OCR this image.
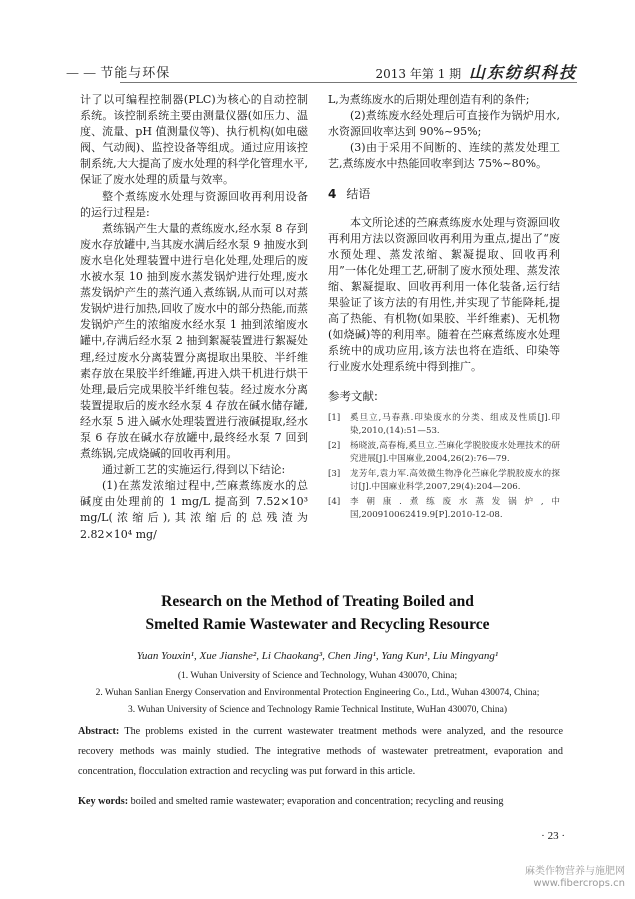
— — 节能与环保	2013 年第 1 期 山东纺织科技

计了以可编程控制器(PLC)为核心的自动控制系统。该控制系统主要由测量仪器(如压力、温度、流量、pH 值测量仪等)、执行机构(如电磁阀、气动阀)、监控设备等组成。通过应用该控制系统,大大提高了废水处理的科学化管理水平,保证了废水处理的质量与效率。

整个煮练废水处理与资源回收再利用设备的运行过程是:

煮练锅产生大量的煮练废水,经水泵 8 存到废水存放罐中,当其废水满后经水泵 9 抽废水到废水皂化处理装置中进行皂化处理,处理后的废水被水泵 10 抽到废水蒸发锅炉进行处理,废水蒸发锅炉产生的蒸汽通入煮练锅,从而可以对蒸发锅炉进行加热,回收了废水中的部分热能,而蒸发锅炉产生的浓缩废水经水泵 1 抽到浓缩废水罐中,存满后经水泵 2 抽到絮凝装置进行絮凝处理,经过废水分离装置分离提取出果胶、半纤维素存放在果胶半纤维罐,再进入烘干机进行烘干处理,最后完成果胶半纤维包装。经过废水分离装置提取后的废水经水泵 4 存放在碱水储存罐,经水泵 5 进入碱水处理装置进行液碱提取,经水泵 6 存放在碱水存放罐中,最终经水泵 7 回到煮练锅,完成烧碱的回收再利用。

通过新工艺的实施运行,得到以下结论:

(1)在蒸发浓缩过程中,苎麻煮练废水的总碱度由处理前的 1 mg/L 提高到 7.52×10³ mg/L(浓缩后),其浓缩后的总残渣为 2.82×10⁴ mg/

L,为煮练废水的后期处理创造有利的条件;

(2)煮练废水经处理后可直接作为锅炉用水,水资源回收率达到 90%~95%;

(3)由于采用不间断的、连续的蒸发处理工艺,煮练废水中热能回收率到达 75%~80%。

4 结语

本文所论述的苎麻煮练废水处理与资源回收再利用方法以资源回收再利用为重点,提出了“废水预处理、蒸发浓缩、絮凝提取、回收再利用”一体化处理工艺,研制了废水预处理、蒸发浓缩、絮凝提取、回收再利用一体化装备,运行结果验证了该方法的有用性,并实现了节能降耗,提高了热能、有机物(如果胶、半纤维素)、无机物(如烧碱)等的利用率。随着在苎麻煮练废水处理系统中的成功应用,该方法也将在造纸、印染等行业废水处理系统中得到推广。

参考文献:
[1]	奚旦立,马春燕.印染废水的分类、组成及性质[J].印染,2010,(14):51—53.
[2]	杨晓波,高春梅,奚旦立.苎麻化学脱胶废水处理技术的研究进展[J].中国麻业,2004,26(2):76—79.
[3]	龙芳年,袁力军.高效微生物净化苎麻化学脱胶废水的探讨[J].中国麻业科学,2007,29(4):204—206.
[4]	李朝康.煮练废水蒸发锅炉,中国,200910062419.9[P].2010-12-08.
Research on the Method of Treating Boiled and
Smelted Ramie Wastewater and Recycling Resource
Yuan Youxin¹, Xue Jianshe², Li Chaokang³, Chen Jing¹, Yang Kun¹, Liu Mingyang¹
(1. Wuhan University of Science and Technology, Wuhan 430070, China;
2. Wuhan Sanlian Energy Conservation and Environmental Protection Engineering Co., Ltd., Wuhan 430074, China;
3. Wuhan University of Science and Technology Ramie Technical Institute, WuHan 430070, China)
Abstract: The problems existed in the current wastewater treatment methods were analyzed, and the resource recovery methods was mainly studied. The integrative methods of wastewater pretreatment, evaporation and concentration, flocculation extraction and recycling was put forward in this article.
Key words: boiled and smelted ramie wastewater; evaporation and concentration; recycling and reusing
· 23 ·
麻类作物营养与施肥网
www.fibercrops.cn
